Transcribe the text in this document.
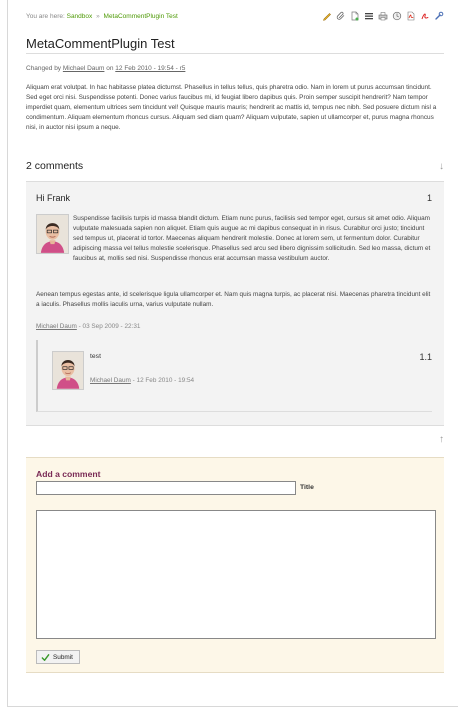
You are here: Sandbox » MetaCommentPlugin Test
MetaCommentPlugin Test
Changed by Michael Daum on 12 Feb 2010 - 19:54 - r5

Aliquam erat volutpat. In hac habitasse platea dictumst. Phasellus in tellus tellus, quis pharetra odio. Nam in lorem ut purus accumsan tincidunt. Sed eget orci nisi. Suspendisse potenti. Donec varius faucibus mi, id feugiat libero dapibus quis. Proin semper suscipit hendrerit? Nam tempor imperdiet quam, elementum ultrices sem tincidunt vel! Quisque mauris mauris; hendrerit ac mattis id, tempus nec nibh. Sed posuere dictum nisl a condimentum. Aliquam elementum rhoncus cursus. Aliquam sed diam quam? Aliquam vulputate, sapien ut ullamcorper et, purus magna rhoncus nisi, in auctor nisi ipsum a neque.

2 comments	↓
Hi Frank	1
Suspendisse facilisis turpis id massa blandit dictum. Etiam nunc purus, facilisis sed tempor eget, cursus sit amet odio. Aliquam vulputate malesuada sapien non aliquet. Etiam quis augue ac mi dapibus consequat in in risus. Curabitur orci justo; tincidunt sed tempus ut, placerat id tortor. Maecenas aliquam hendrerit molestie. Donec at lorem sem, ut fermentum dolor. Curabitur adipiscing massa vel tellus molestie scelerisque. Phasellus sed arcu sed libero dignissim sollicitudin. Sed leo massa, dictum et faucibus at, mollis sed nisi. Suspendisse rhoncus erat accumsan massa vestibulum auctor.

Aenean tempus egestas ante, id scelerisque ligula ullamcorper et. Nam quis magna turpis, ac placerat nisi. Maecenas pharetra tincidunt elit a iaculis. Phasellus mollis iaculis urna, varius vulputate nullam.

Michael Daum - 03 Sep 2009 - 22:31
test	1.1
Michael Daum - 12 Feb 2010 - 19:54
↑
Add a comment
Title
Submit
